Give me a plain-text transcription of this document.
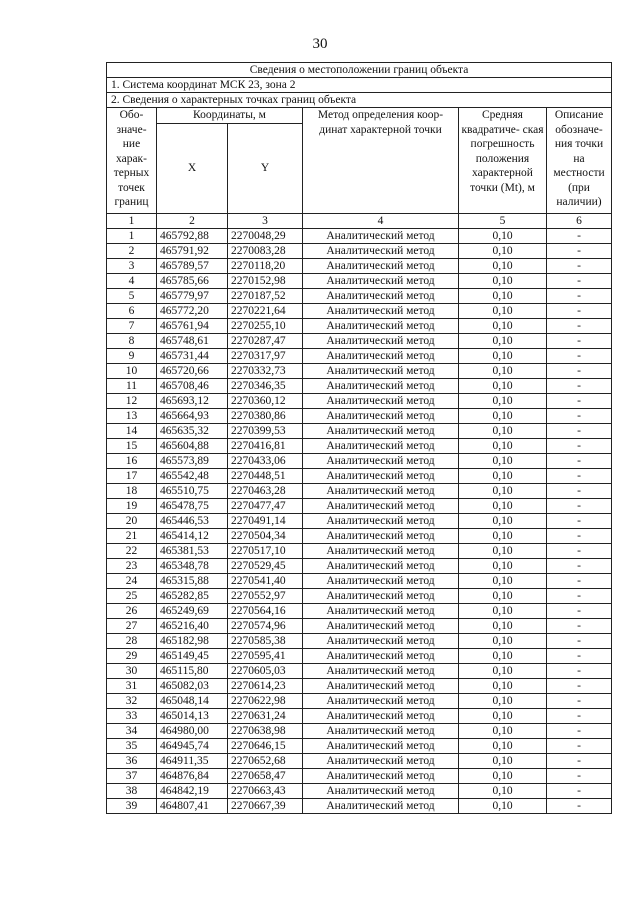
30
Сведения о местоположении границ объекта					
1. Система координат МСК 23, зона 2					
2. Сведения о характерных точках границ объекта					
Обо- значе- ние харак- терных точек границ	Координаты, м		Метод определения коор- динат характерной точки	Средняя квадратиче- ская погрешность положения характерной точки (Mt), м	Описание обозначе- ния точки на местности (при наличии)
	X	Y			
1	2	3	4	5	6
1	465792,88	2270048,29	Аналитический метод	0,10	-
2	465791,92	2270083,28	Аналитический метод	0,10	-
3	465789,57	2270118,20	Аналитический метод	0,10	-
4	465785,66	2270152,98	Аналитический метод	0,10	-
5	465779,97	2270187,52	Аналитический метод	0,10	-
6	465772,20	2270221,64	Аналитический метод	0,10	-
7	465761,94	2270255,10	Аналитический метод	0,10	-
8	465748,61	2270287,47	Аналитический метод	0,10	-
9	465731,44	2270317,97	Аналитический метод	0,10	-
10	465720,66	2270332,73	Аналитический метод	0,10	-
11	465708,46	2270346,35	Аналитический метод	0,10	-
12	465693,12	2270360,12	Аналитический метод	0,10	-
13	465664,93	2270380,86	Аналитический метод	0,10	-
14	465635,32	2270399,53	Аналитический метод	0,10	-
15	465604,88	2270416,81	Аналитический метод	0,10	-
16	465573,89	2270433,06	Аналитический метод	0,10	-
17	465542,48	2270448,51	Аналитический метод	0,10	-
18	465510,75	2270463,28	Аналитический метод	0,10	-
19	465478,75	2270477,47	Аналитический метод	0,10	-
20	465446,53	2270491,14	Аналитический метод	0,10	-
21	465414,12	2270504,34	Аналитический метод	0,10	-
22	465381,53	2270517,10	Аналитический метод	0,10	-
23	465348,78	2270529,45	Аналитический метод	0,10	-
24	465315,88	2270541,40	Аналитический метод	0,10	-
25	465282,85	2270552,97	Аналитический метод	0,10	-
26	465249,69	2270564,16	Аналитический метод	0,10	-
27	465216,40	2270574,96	Аналитический метод	0,10	-
28	465182,98	2270585,38	Аналитический метод	0,10	-
29	465149,45	2270595,41	Аналитический метод	0,10	-
30	465115,80	2270605,03	Аналитический метод	0,10	-
31	465082,03	2270614,23	Аналитический метод	0,10	-
32	465048,14	2270622,98	Аналитический метод	0,10	-
33	465014,13	2270631,24	Аналитический метод	0,10	-
34	464980,00	2270638,98	Аналитический метод	0,10	-
35	464945,74	2270646,15	Аналитический метод	0,10	-
36	464911,35	2270652,68	Аналитический метод	0,10	-
37	464876,84	2270658,47	Аналитический метод	0,10	-
38	464842,19	2270663,43	Аналитический метод	0,10	-
39	464807,41	2270667,39	Аналитический метод	0,10	-
